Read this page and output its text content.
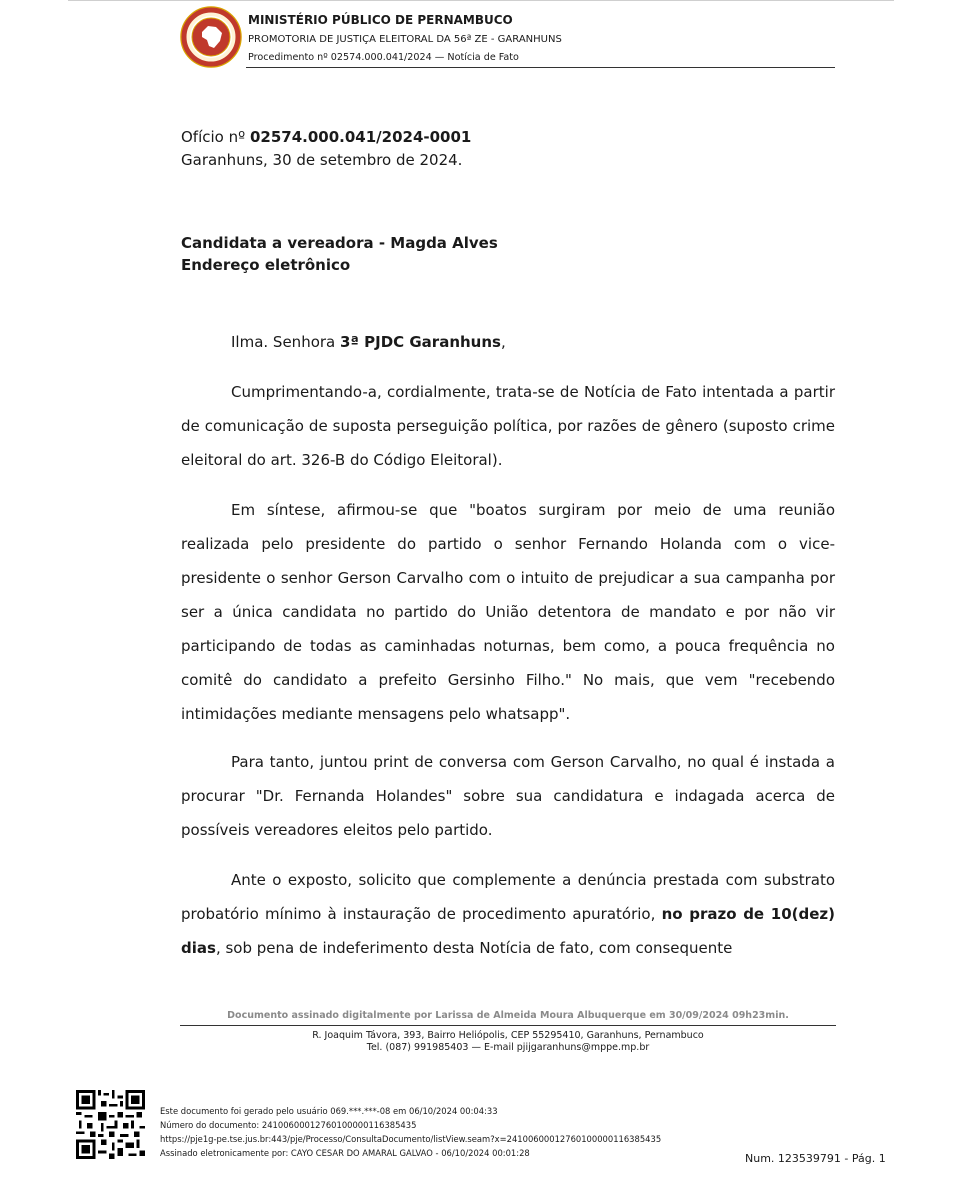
MINISTÉRIO PÚBLICO DE PERNAMBUCO
PROMOTORIA DE JUSTIÇA ELEITORAL DA 56ª ZE - GARANHUNS
Procedimento nº 02574.000.041/2024 — Notícia de Fato
Ofício nº 02574.000.041/2024-0001
Garanhuns, 30 de setembro de 2024.
Candidata a vereadora - Magda Alves
Endereço eletrônico
Ilma. Senhora 3ª PJDC Garanhuns,
Cumprimentando-a, cordialmente, trata-se de Notícia de Fato intentada a partir de comunicação de suposta perseguição política, por razões de gênero (suposto crime eleitoral do art. 326-B do Código Eleitoral).
Em síntese, afirmou-se que "boatos surgiram por meio de uma reunião realizada pelo presidente do partido o senhor Fernando Holanda com o vice-presidente o senhor Gerson Carvalho com o intuito de prejudicar a sua campanha por ser a única candidata no partido do União detentora de mandato e por não vir participando de todas as caminhadas noturnas, bem como, a pouca frequência no comitê do candidato a prefeito Gersinho Filho." No mais, que vem "recebendo intimidações mediante mensagens pelo whatsapp".
Para tanto, juntou print de conversa com Gerson Carvalho, no qual é instada a procurar "Dr. Fernanda Holandes" sobre sua candidatura e indagada acerca de possíveis vereadores eleitos pelo partido.
Ante o exposto, solicito que complemente a denúncia prestada com substrato probatório mínimo à instauração de procedimento apuratório, no prazo de 10(dez) dias, sob pena de indeferimento desta Notícia de fato, com consequente
Documento assinado digitalmente por Larissa de Almeida Moura Albuquerque em 30/09/2024 09h23min.
R. Joaquim Távora, 393, Bairro Heliópolis, CEP 55295410, Garanhuns, Pernambuco
Tel. (087) 991985403 — E-mail pjijgaranhuns@mppe.mp.br
Este documento foi gerado pelo usuário 069.***.***-08 em 06/10/2024 00:04:33
Número do documento: 24100600012760100000116385435
https://pje1g-pe.tse.jus.br:443/pje/Processo/ConsultaDocumento/listView.seam?x=24100600012760100000116385435
Assinado eletronicamente por: CAYO CESAR DO AMARAL GALVAO - 06/10/2024 00:01:28	Num. 123539791 - Pág. 1
